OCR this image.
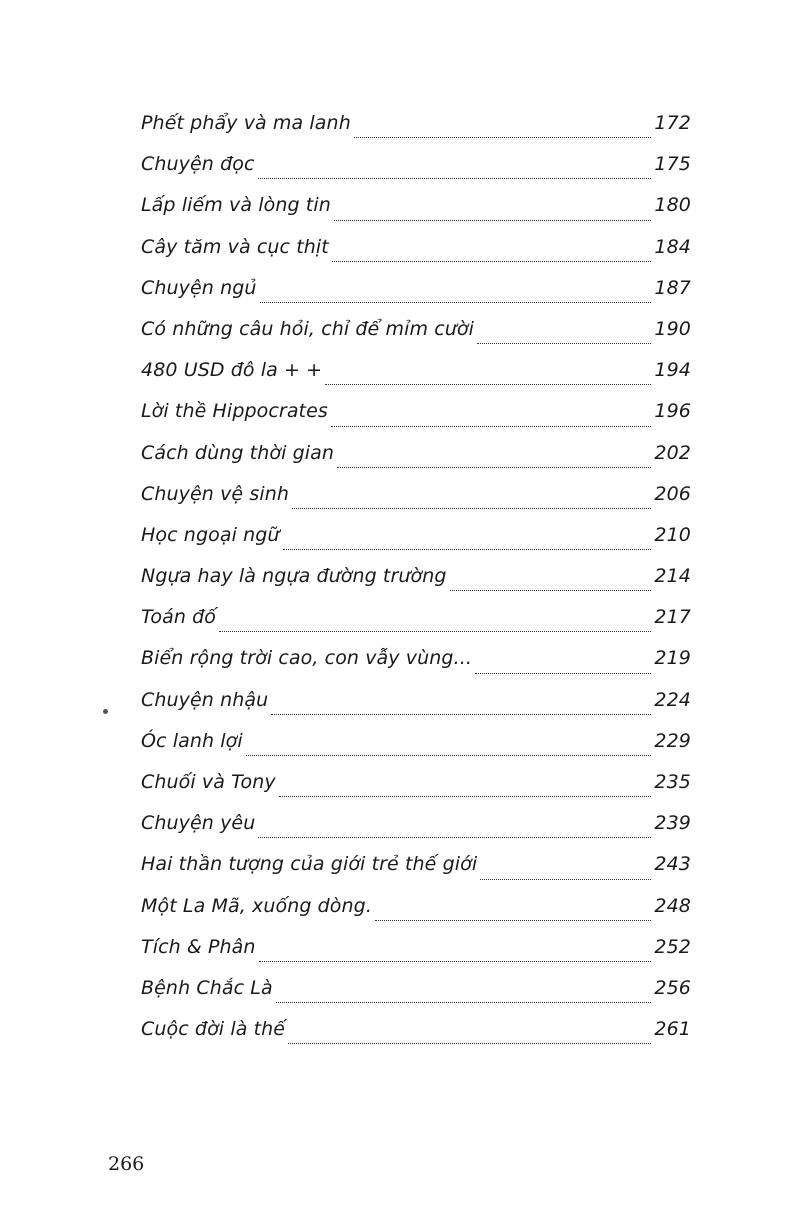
Phết phẩy và ma lanh	172
Chuyện đọc	175
Lấp liếm và lòng tin	180
Cây tăm và cục thịt	184
Chuyện ngủ	187
Có những câu hỏi, chỉ để mỉm cười	190
480 USD đô la + +	194
Lời thề Hippocrates	196
Cách dùng thời gian	202
Chuyện vệ sinh	206
Học ngoại ngữ	210
Ngựa hay là ngựa đường trường	214
Toán đố	217
Biển rộng trời cao, con vẫy vùng...	219
Chuyện nhậu	224
Óc lanh lợi	229
Chuối và Tony	235
Chuyện yêu	239
Hai thần tượng của giới trẻ thế giới	243
Một La Mã, xuống dòng.	248
Tích & Phân	252
Bệnh Chắc Là	256
Cuộc đời là thế	261
266
